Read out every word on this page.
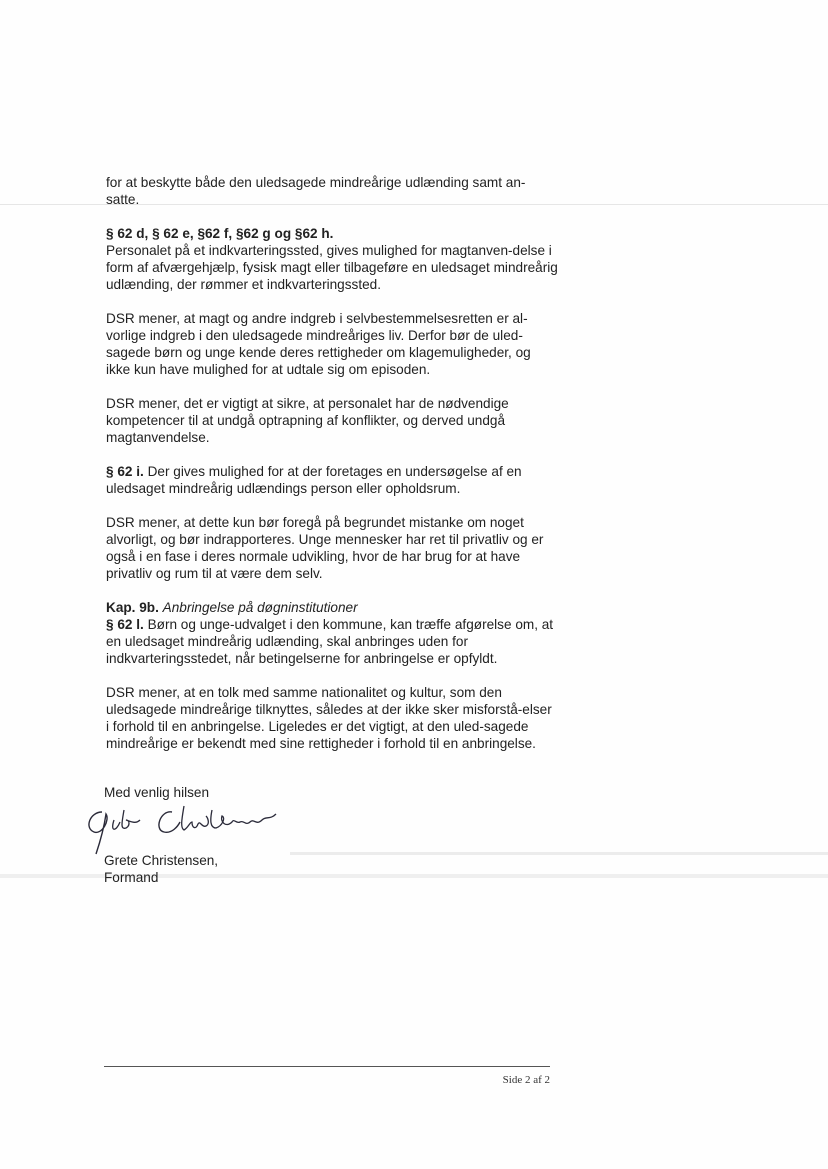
for at beskytte både den uledsagede mindreårige udlænding samt an-satte.

§ 62 d, § 62 e, §62 f, §62 g og §62 h.
Personalet på et indkvarteringssted, gives mulighed for magtanven-delse i form af afværgehjælp, fysisk magt eller tilbageføre en uledsaget mindreårig udlænding, der rømmer et indkvarteringssted.

DSR mener, at magt og andre indgreb i selvbestemmelsesretten er al-vorlige indgreb i den uledsagede mindreåriges liv. Derfor bør de uled-sagede børn og unge kende deres rettigheder om klagemuligheder, og ikke kun have mulighed for at udtale sig om episoden.

DSR mener, det er vigtigt at sikre, at personalet har de nødvendige kompetencer til at undgå optrapning af konflikter, og derved undgå magtanvendelse.

§ 62 i. Der gives mulighed for at der foretages en undersøgelse af en uledsaget mindreårig udlændings person eller opholdsrum.

DSR mener, at dette kun bør foregå på begrundet mistanke om noget alvorligt, og bør indrapporteres. Unge mennesker har ret til privatliv og er også i en fase i deres normale udvikling, hvor de har brug for at have privatliv og rum til at være dem selv.

Kap. 9b. Anbringelse på døgninstitutioner
§ 62 l. Børn og unge-udvalget i den kommune, kan træffe afgørelse om, at en uledsaget mindreårig udlænding, skal anbringes uden for indkvarteringsstedet, når betingelserne for anbringelse er opfyldt.

DSR mener, at en tolk med samme nationalitet og kultur, som den uledsagede mindreårige tilknyttes, således at der ikke sker misforstå-elser i forhold til en anbringelse. Ligeledes er det vigtigt, at den uled-sagede mindreårige er bekendt med sine rettigheder i forhold til en anbringelse.

Med venlig hilsen
Grete Christensen,
Formand
Side 2 af 2
